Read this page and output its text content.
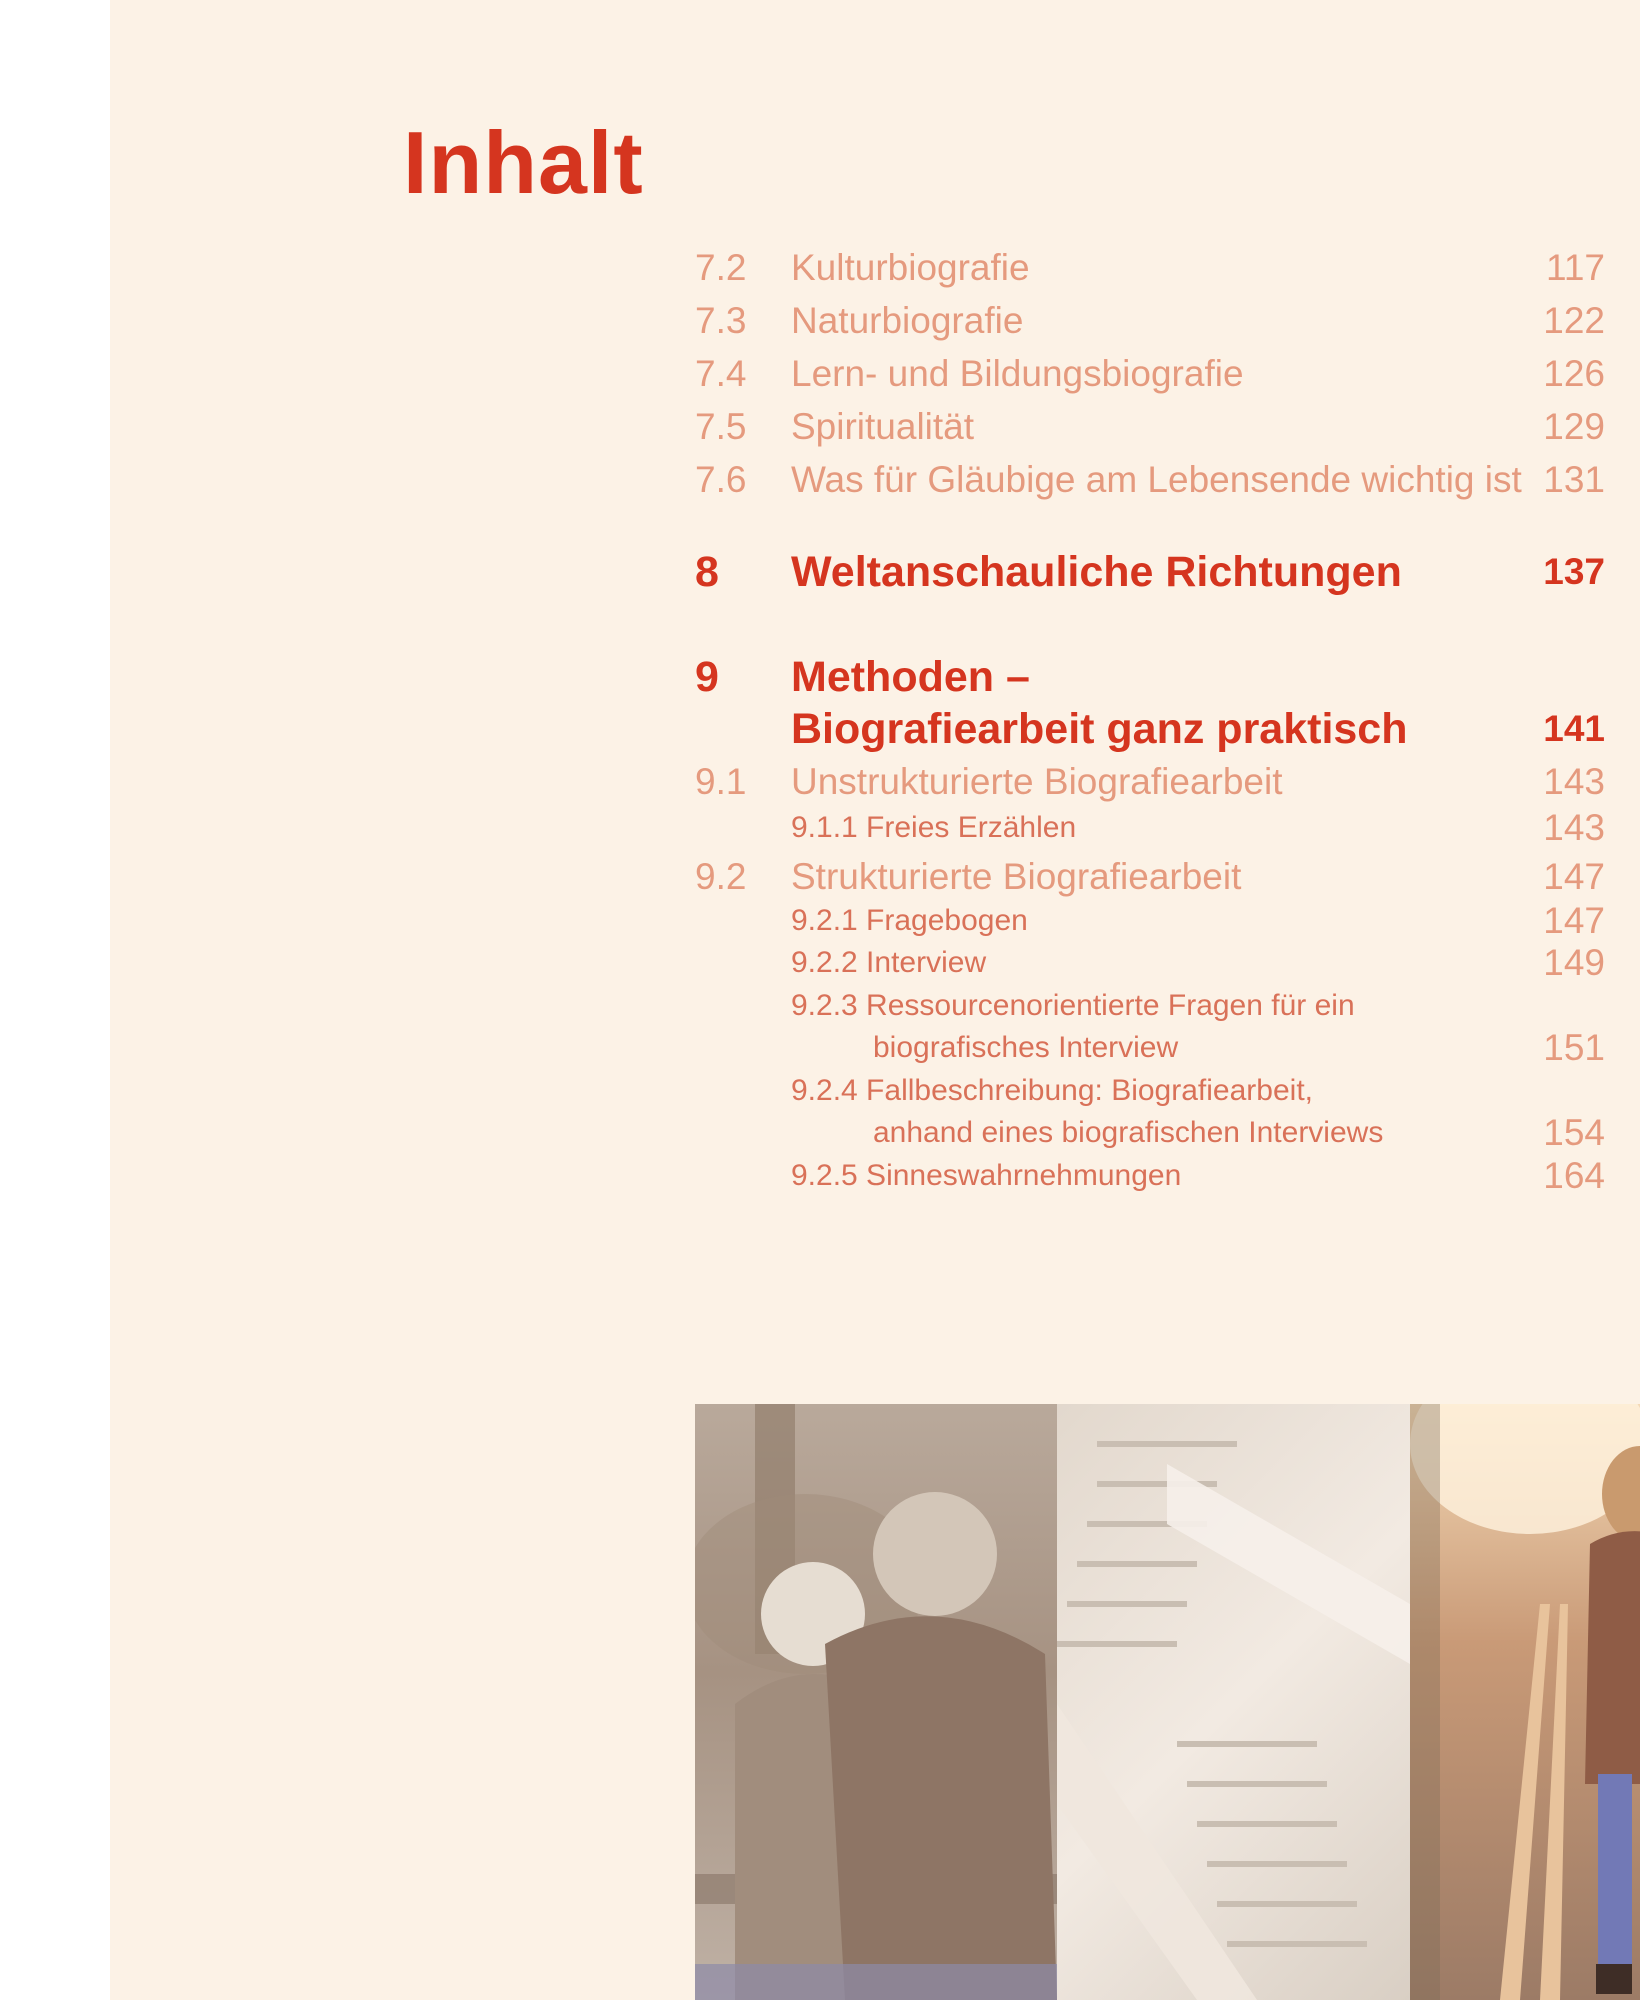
Inhalt
7.2 Kulturbiografie	117
7.3 Naturbiografie	122
7.4 Lern- und Bildungsbiografie	126
7.5 Spiritualität	129
7.6 Was für Gläubige am Lebensende wichtig ist 131
8 Weltanschauliche Richtungen	137
9 Methoden –
Biografiearbeit ganz praktisch	141
9.1 Unstrukturierte Biografiearbeit	143
9.1.1 Freies Erzählen	143
9.2 Strukturierte Biografiearbeit	147
9.2.1 Fragebogen	147
9.2.2 Interview	149
9.2.3 Ressourcenorientierte Fragen für ein
biografisches Interview	151
9.2.4 Fallbeschreibung: Biografiearbeit,
anhand eines biografischen Interviews	154
9.2.5 Sinneswahrnehmungen	164
